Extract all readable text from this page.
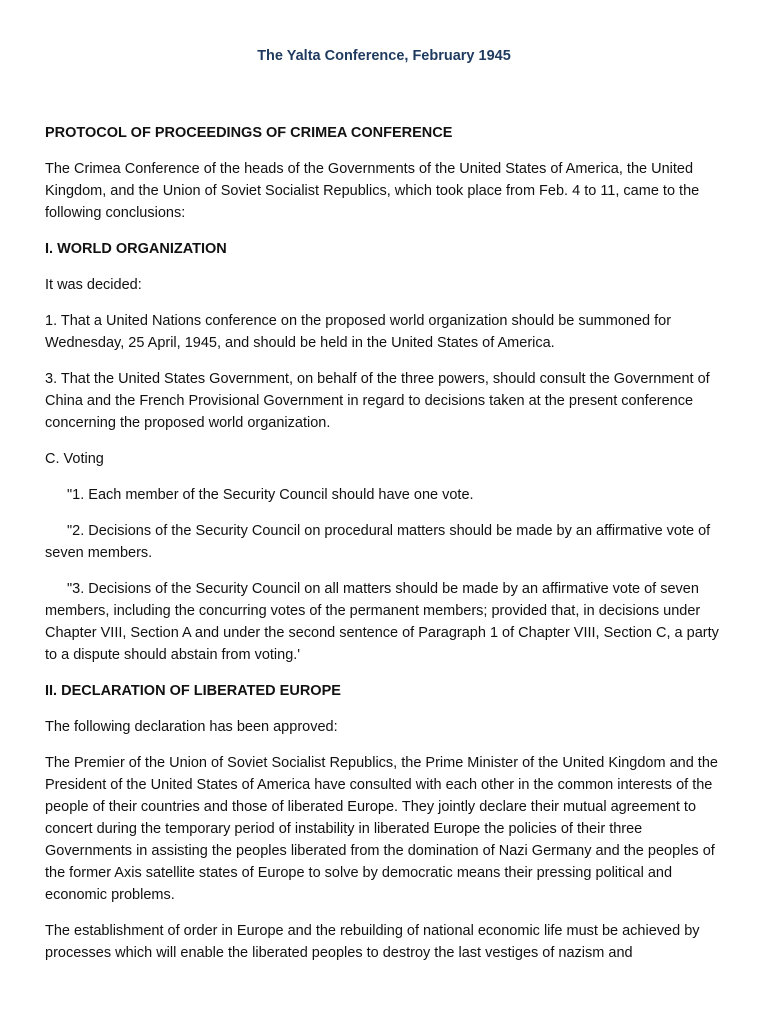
The Yalta Conference, February 1945
PROTOCOL OF PROCEEDINGS OF CRIMEA CONFERENCE
The Crimea Conference of the heads of the Governments of the United States of America, the United Kingdom, and the Union of Soviet Socialist Republics, which took place from Feb. 4 to 11, came to the following conclusions:
I. WORLD ORGANIZATION
It was decided:
1. That a United Nations conference on the proposed world organization should be summoned for Wednesday, 25 April, 1945, and should be held in the United States of America.
3. That the United States Government, on behalf of the three powers, should consult the Government of China and the French Provisional Government in regard to decisions taken at the present conference concerning the proposed world organization.
C. Voting
"1. Each member of the Security Council should have one vote.
"2. Decisions of the Security Council on procedural matters should be made by an affirmative vote of seven members.
"3. Decisions of the Security Council on all matters should be made by an affirmative vote of seven members, including the concurring votes of the permanent members; provided that, in decisions under Chapter VIII, Section A and under the second sentence of Paragraph 1 of Chapter VIII, Section C, a party to a dispute should abstain from voting.'
II. DECLARATION OF LIBERATED EUROPE
The following declaration has been approved:
The Premier of the Union of Soviet Socialist Republics, the Prime Minister of the United Kingdom and the President of the United States of America have consulted with each other in the common interests of the people of their countries and those of liberated Europe. They jointly declare their mutual agreement to concert during the temporary period of instability in liberated Europe the policies of their three Governments in assisting the peoples liberated from the domination of Nazi Germany and the peoples of the former Axis satellite states of Europe to solve by democratic means their pressing political and economic problems.
The establishment of order in Europe and the rebuilding of national economic life must be achieved by processes which will enable the liberated peoples to destroy the last vestiges of nazism and
